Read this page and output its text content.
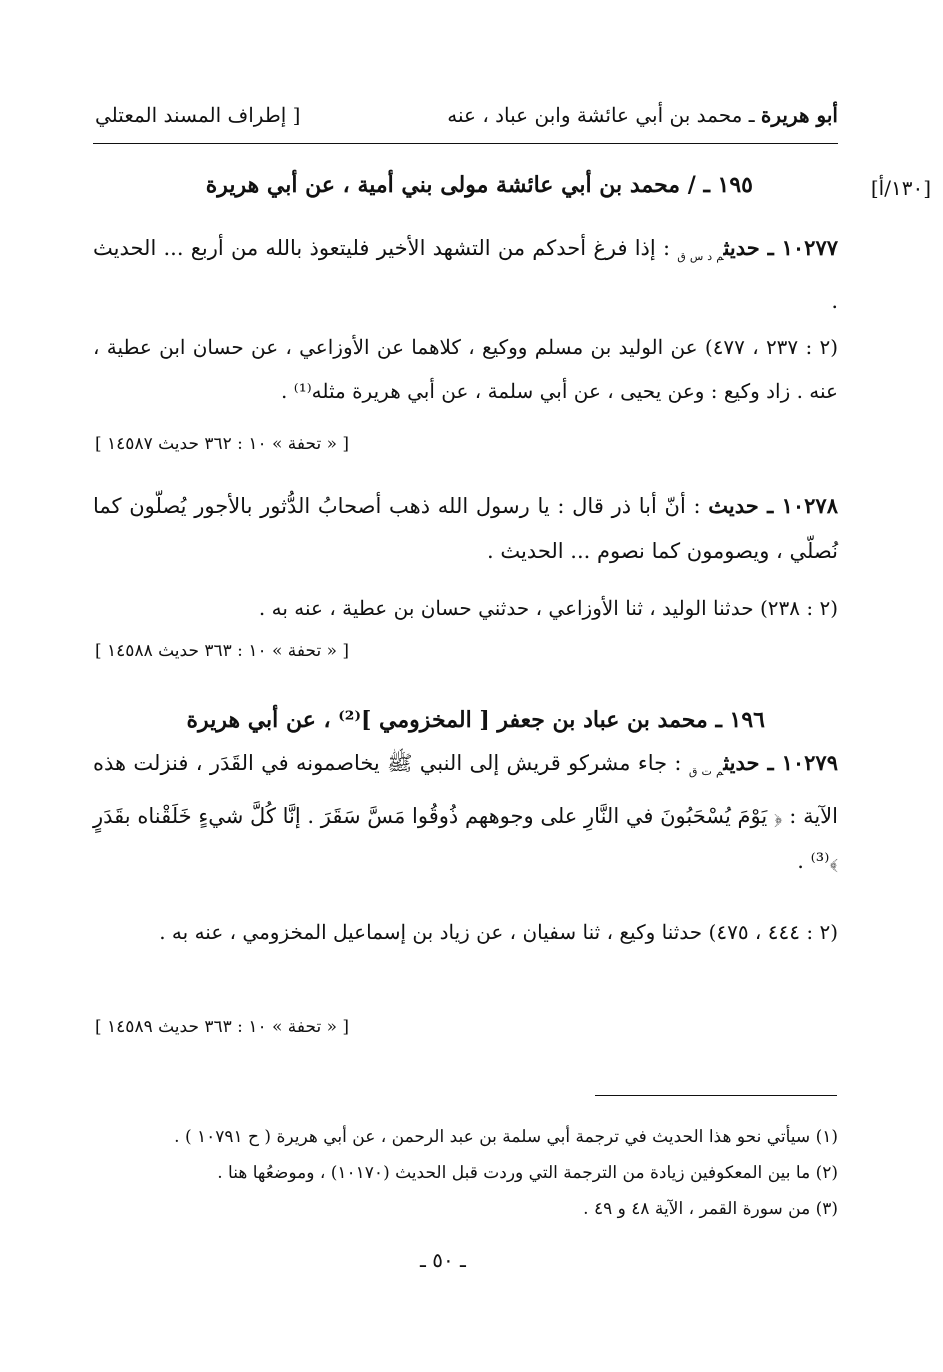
أبو هريرة ـ محمد بن أبي عائشة وابن عباد ، عنه
[ إطراف المسند المعتلي
[١٣٠/أ]
١٩٥ ـ / محمد بن أبي عائشة مولى بني أمية ، عن أبي هريرة
١٠٢٧٧ ـ حديث$_{م د س ق}$ : إذا فرغ أحدكم من التشهد الأخير فليتعوذ بالله من أربع ... الحديث .
(٢ : ٢٣٧ ، ٤٧٧) عن الوليد بن مسلم ووكيع ، كلاهما عن الأوزاعي ، عن حسان ابن عطية ، عنه . زاد وكيع : وعن يحيى ، عن أبي سلمة ، عن أبي هريرة مثله⁽¹⁾ .
[ « تحفة » ١٠ : ٣٦٢ حديث ١٤٥٨٧ ]
١٠٢٧٨ ـ حديث : أنّ أبا ذر قال : يا رسول الله ذهب أصحابُ الدُّثور بالأجور يُصلّون كما نُصلّي ، ويصومون كما نصوم ... الحديث .
(٢ : ٢٣٨) حدثنا الوليد ، ثنا الأوزاعي ، حدثني حسان بن عطية ، عنه به .
[ « تحفة » ١٠ : ٣٦٣ حديث ١٤٥٨٨ ]
١٩٦ ـ محمد بن عباد بن جعفر [ المخزومي ]⁽²⁾ ، عن أبي هريرة
١٠٢٧٩ ـ حديث$_{م ت ق}$ : جاء مشركو قريش إلى النبي ﷺ يخاصمونه في القَدَر ، فنزلت هذه الآية : ﴿ يَوْمَ يُسْحَبُونَ في النَّارِ على وجوههم ذُوقُوا مَسَّ سَقَرَ . إنَّا كُلَّ شيءٍ خَلَقْناه بقَدَرٍ ﴾⁽³⁾ .
(٢ : ٤٤٤ ، ٤٧٥) حدثنا وكيع ، ثنا سفيان ، عن زياد بن إسماعيل المخزومي ، عنه به .
[ « تحفة » ١٠ : ٣٦٣ حديث ١٤٥٨٩ ]
(١) سيأتي نحو هذا الحديث في ترجمة أبي سلمة بن عبد الرحمن ، عن أبي هريرة ( ح ١٠٧٩١ ) .
(٢) ما بين المعكوفين زيادة من الترجمة التي وردت قبل الحديث (١٠١٧٠) ، وموضعُها هنا .
(٣) من سورة القمر ، الآية ٤٨ و ٤٩ .
ـ ٥٠ ـ
